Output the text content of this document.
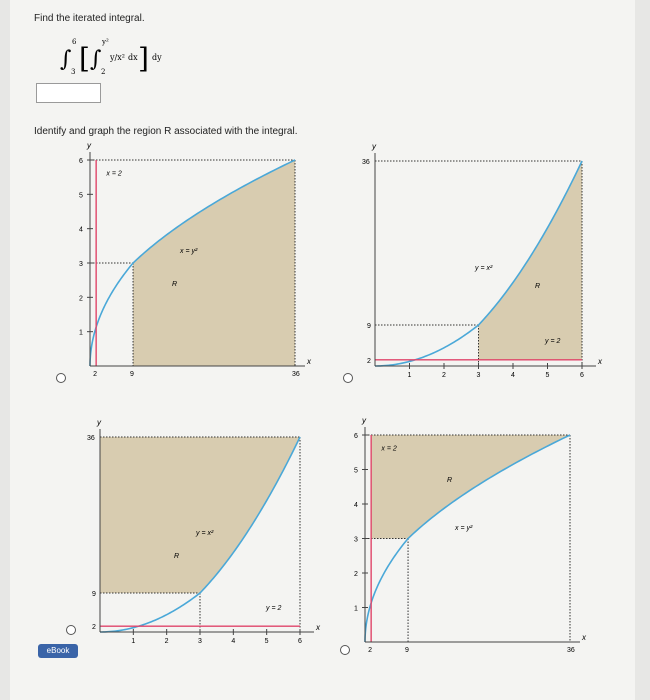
Find the iterated integral.
∫ 3
6 [ ∫ 2
y²
y/x² dx ] dy
Identify and graph the region R associated with the integral.
y
x
1
2
3
4
5
6
2	9	36
x = 2
x = y²
R
y
x
1	2	3	4	5	6
2
9
36
y = 2
y = x²
R
y
x
1	2	3	4	5	6
2
9
36
y = 2
y = x²
R
y
x
1
2
3
4
5
6
2	9	36
x = 2
x = y²
R
eBook
